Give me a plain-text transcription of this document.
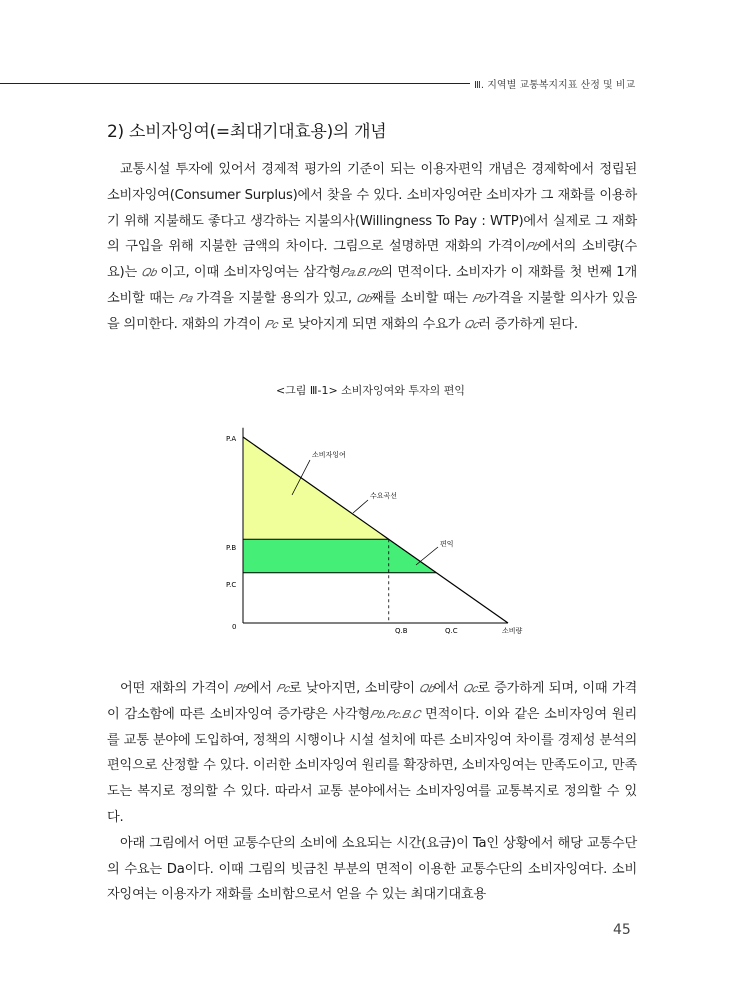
Ⅲ. 지역별 교통복지지표 산정 및 비교
2) 소비자잉여(=최대기대효용)의 개념

교통시설 투자에 있어서 경제적 평가의 기준이 되는 이용자편익 개념은 경제학에서 정립된 소비자잉여(Consumer Surplus)에서 찾을 수 있다. 소비자잉여란 소비자가 그 재화를 이용하기 위해 지불해도 좋다고 생각하는 지불의사(Willingness To Pay : WTP)에서 실제로 그 재화의 구입을 위해 지불한 금액의 차이다. 그림으로 설명하면 재화의 가격이𝑃𝑏에서의 소비량(수요)는 𝑄𝑏 이고, 이때 소비자잉여는 삼각형𝑃𝑎.𝐵.𝑃𝑏의 면적이다. 소비자가 이 재화를 첫 번째 1개 소비할 때는 𝑃𝑎 가격을 지불할 용의가 있고, 𝑄𝑏째를 소비할 때는 𝑃𝑏가격을 지불할 의사가 있음을 의미한다. 재화의 가격이 𝑃𝑐 로 낮아지게 되면 재화의 수요가 𝑄𝑐러 증가하게 된다.

<그림 Ⅲ-1> 소비자잉여와 투자의 편익
P.A
P.B
P.C
0	Q.B	Q.C	소비량
소비자잉여
수요곡선
편익

어떤 재화의 가격이 𝑃𝑏에서 𝑃𝑐로 낮아지면, 소비량이 𝑄𝑏에서 𝑄𝑐로 증가하게 되며, 이때 가격이 감소함에 따른 소비자잉여 증가량은 사각형𝑃𝑏.𝑃𝑐.𝐵.𝐶 면적이다. 이와 같은 소비자잉여 원리를 교통 분야에 도입하여, 정책의 시행이나 시설 설치에 따른 소비자잉여 차이를 경제성 분석의 편익으로 산정할 수 있다. 이러한 소비자잉여 원리를 확장하면, 소비자잉여는 만족도이고, 만족도는 복지로 정의할 수 있다. 따라서 교통 분야에서는 소비자잉여를 교통복지로 정의할 수 있다.
아래 그림에서 어떤 교통수단의 소비에 소요되는 시간(요금)이 Ta인 상황에서 해당 교통수단의 수요는 Da이다. 이때 그림의 빗금친 부분의 면적이 이용한 교통수단의 소비자잉여다. 소비자잉여는 이용자가 재화를 소비함으로서 얻을 수 있는 최대기대효용

45
